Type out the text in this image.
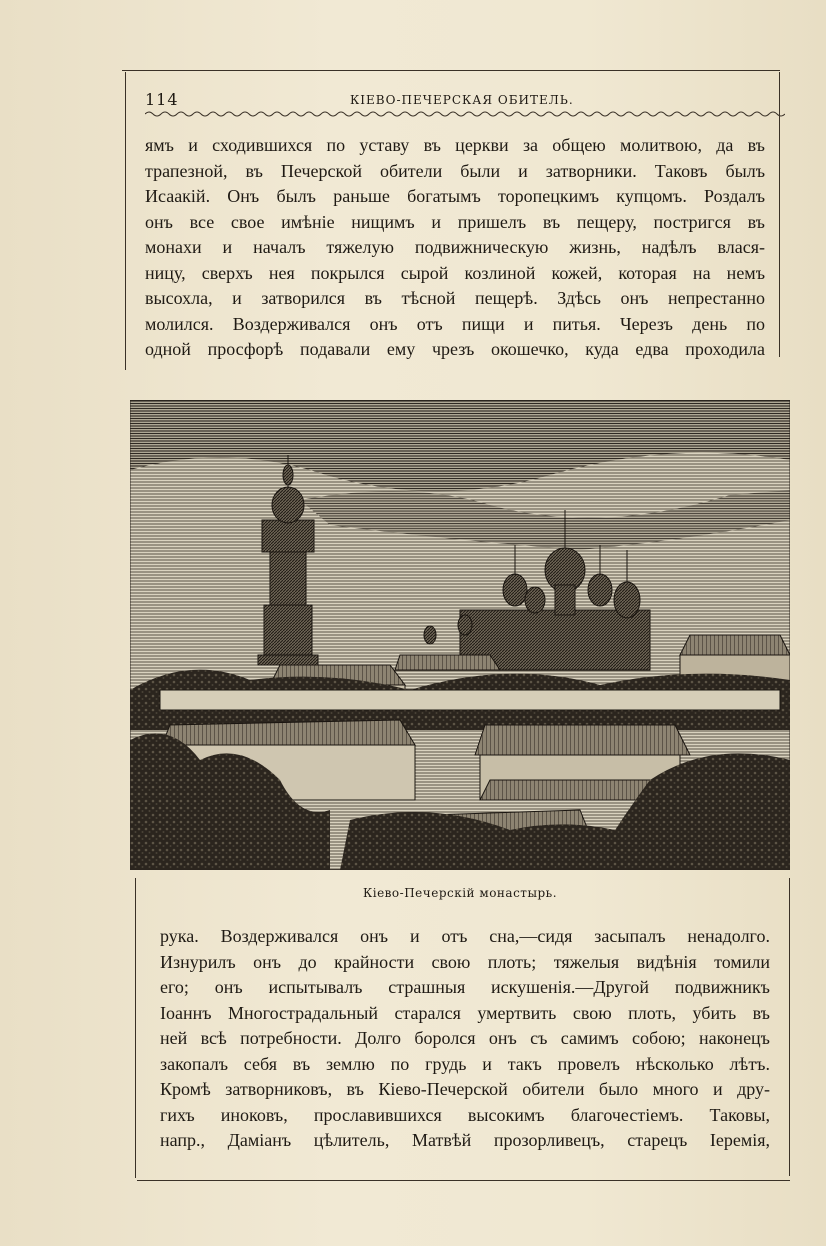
114	КІЕВО-ПЕЧЕРСКАЯ ОБИТЕЛЬ.
ямъ и сходившихся по уставу въ церкви за общею молитвою, да въ
трапезной, въ Печерской обители были и затворники. Таковъ былъ
Исаакій. Онъ былъ раньше богатымъ торопецкимъ купцомъ. Роздалъ
онъ все свое имѣніе нищимъ и пришелъ въ пещеру, постригся въ
монахи и началъ тяжелую подвижническую жизнь, надѣлъ влася-
ницу, сверхъ нея покрылся сырой козлиной кожей, которая на немъ
высохла, и затворился въ тѣсной пещерѣ. Здѣсь онъ непрестанно
молился. Воздерживался онъ отъ пищи и питья. Черезъ день по
одной просфорѣ подавали ему чрезъ окошечко, куда едва проходила
Кіево-Печерскій монастырь.
рука. Воздерживался онъ и отъ сна,—сидя засыпалъ ненадолго.
Изнурилъ онъ до крайности свою плоть; тяжелыя видѣнія томили
его; онъ испытывалъ страшныя искушенія.—Другой подвижникъ
Іоаннъ Многострадальный старался умертвить свою плоть, убить въ
ней всѣ потребности. Долго боролся онъ съ самимъ собою; наконецъ
закопалъ себя въ землю по грудь и такъ провелъ нѣсколько лѣтъ.
Кромѣ затворниковъ, въ Кіево-Печерской обители было много и дру-
гихъ иноковъ, прославившихся высокимъ благочестіемъ. Таковы,
напр., Даміанъ цѣлитель, Матвѣй прозорливецъ, старецъ Іеремія,
